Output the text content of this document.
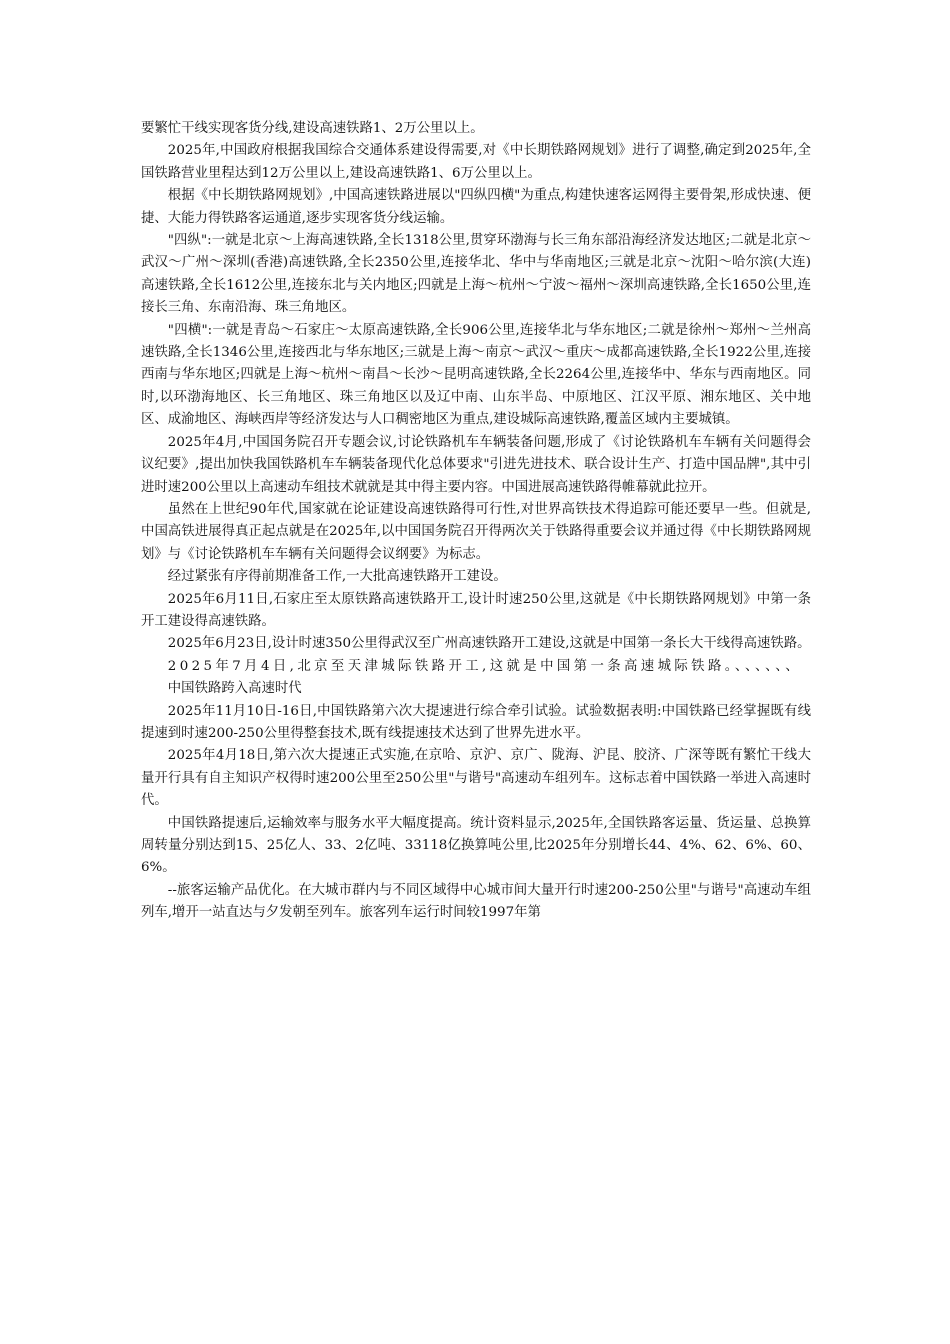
要繁忙干线实现客货分线,建设高速铁路1、2万公里以上。

2025年,中国政府根据我国综合交通体系建设得需要,对《中长期铁路网规划》进行了调整,确定到2025年,全国铁路营业里程达到12万公里以上,建设高速铁路1、6万公里以上。

根据《中长期铁路网规划》,中国高速铁路进展以"四纵四横"为重点,构建快速客运网得主要骨架,形成快速、便捷、大能力得铁路客运通道,逐步实现客货分线运输。

"四纵":一就是北京～上海高速铁路,全长1318公里,贯穿环渤海与长三角东部沿海经济发达地区;二就是北京～武汉～广州～深圳(香港)高速铁路,全长2350公里,连接华北、华中与华南地区;三就是北京～沈阳～哈尔滨(大连)高速铁路,全长1612公里,连接东北与关内地区;四就是上海～杭州～宁波～福州～深圳高速铁路,全长1650公里,连接长三角、东南沿海、珠三角地区。

"四横":一就是青岛～石家庄～太原高速铁路,全长906公里,连接华北与华东地区;二就是徐州～郑州～兰州高速铁路,全长1346公里,连接西北与华东地区;三就是上海～南京～武汉～重庆～成都高速铁路,全长1922公里,连接西南与华东地区;四就是上海～杭州～南昌～长沙～昆明高速铁路,全长2264公里,连接华中、华东与西南地区。同时,以环渤海地区、长三角地区、珠三角地区以及辽中南、山东半岛、中原地区、江汉平原、湘东地区、关中地区、成渝地区、海峡西岸等经济发达与人口稠密地区为重点,建设城际高速铁路,覆盖区域内主要城镇。

2025年4月,中国国务院召开专题会议,讨论铁路机车车辆装备问题,形成了《讨论铁路机车车辆有关问题得会议纪要》,提出加快我国铁路机车车辆装备现代化总体要求"引进先进技术、联合设计生产、打造中国品牌",其中引进时速200公里以上高速动车组技术就就是其中得主要内容。中国进展高速铁路得帷幕就此拉开。

虽然在上世纪90年代,国家就在论证建设高速铁路得可行性,对世界高铁技术得追踪可能还要早一些。但就是,中国高铁进展得真正起点就是在2025年,以中国国务院召开得两次关于铁路得重要会议并通过得《中长期铁路网规划》与《讨论铁路机车车辆有关问题得会议纲要》为标志。

经过紧张有序得前期准备工作,一大批高速铁路开工建设。

2025年6月11日,石家庄至太原铁路高速铁路开工,设计时速250公里,这就是《中长期铁路网规划》中第一条开工建设得高速铁路。

2025年6月23日,设计时速350公里得武汉至广州高速铁路开工建设,这就是中国第一条长大干线得高速铁路。

2025年7月4日,北京至天津城际铁路开工,这就是中国第一条高速城际铁路。、、、、、、

中国铁路跨入高速时代

2025年11月10日-16日,中国铁路第六次大提速进行综合牵引试验。试验数据表明:中国铁路已经掌握既有线提速到时速200-250公里得整套技术,既有线提速技术达到了世界先进水平。

2025年4月18日,第六次大提速正式实施,在京哈、京沪、京广、陇海、沪昆、胶济、广深等既有繁忙干线大量开行具有自主知识产权得时速200公里至250公里"与谐号"高速动车组列车。这标志着中国铁路一举进入高速时代。

中国铁路提速后,运输效率与服务水平大幅度提高。统计资料显示,2025年,全国铁路客运量、货运量、总换算周转量分别达到15、25亿人、33、2亿吨、33118亿换算吨公里,比2025年分别增长44、4%、62、6%、60、6%。

--旅客运输产品优化。在大城市群内与不同区域得中心城市间大量开行时速200-250公里"与谐号"高速动车组列车,增开一站直达与夕发朝至列车。旅客列车运行时间较1997年第
